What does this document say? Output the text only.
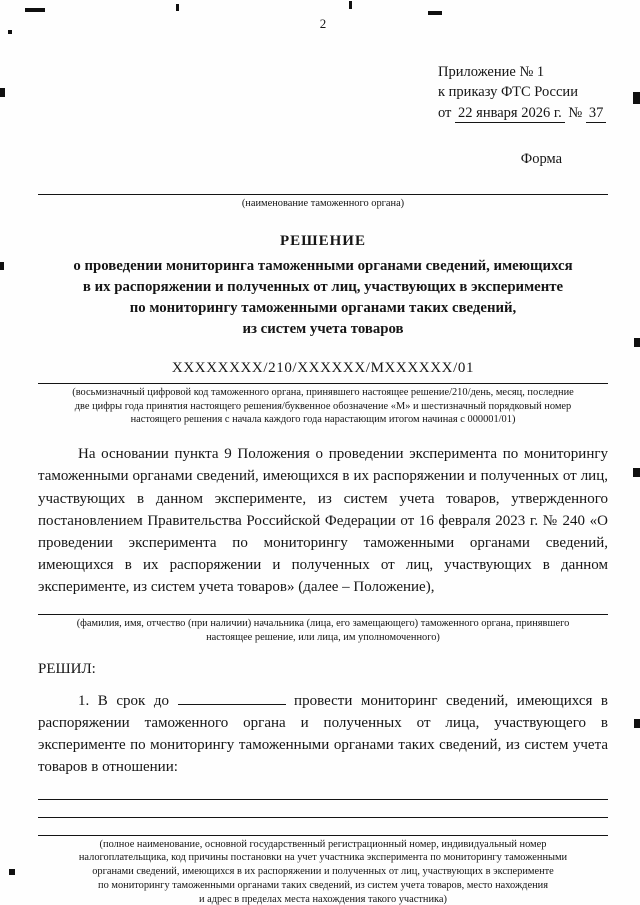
2
Приложение № 1
к приказу ФТС России
от 22 января 2026 г. № 37
Форма
(наименование таможенного органа)
РЕШЕНИЕ
о проведении мониторинга таможенными органами сведений, имеющихся
в их распоряжении и полученных от лиц, участвующих в эксперименте
по мониторингу таможенными органами таких сведений,
из систем учета товаров
ХХХХХХХХ/210/ХХХХХХ/МХХХХХХ/01
(восьмизначный цифровой код таможенного органа, принявшего настоящее решение/210/день, месяц, последние
две цифры года принятия настоящего решения/буквенное обозначение «М» и шестизначный порядковый номер
настоящего решения с начала каждого года нарастающим итогом начиная с 000001/01)
На основании пункта 9 Положения о проведении эксперимента по мониторингу таможенными органами сведений, имеющихся в их распоряжении и полученных от лиц, участвующих в данном эксперименте, из систем учета товаров, утвержденного постановлением Правительства Российской Федерации от 16 февраля 2023 г. № 240 «О проведении эксперимента по мониторингу таможенными органами сведений, имеющихся в их распоряжении и полученных от лиц, участвующих в данном эксперименте, из систем учета товаров» (далее – Положение),
(фамилия, имя, отчество (при наличии) начальника (лица, его замещающего) таможенного органа, принявшего
настоящее решение, или лица, им уполномоченного)
РЕШИЛ:
1. В срок до	провести мониторинг сведений, имеющихся в распоряжении таможенного органа и полученных от лица, участвующего в эксперименте по мониторингу таможенными органами таких сведений, из систем учета товаров в отношении:
(полное наименование, основной государственный регистрационный номер, индивидуальный номер
налогоплательщика, код причины постановки на учет участника эксперимента по мониторингу таможенными
органами сведений, имеющихся в их распоряжении и полученных от лиц, участвующих в эксперименте
по мониторингу таможенными органами таких сведений, из систем учета товаров, место нахождения
и адрес в пределах места нахождения такого участника)
